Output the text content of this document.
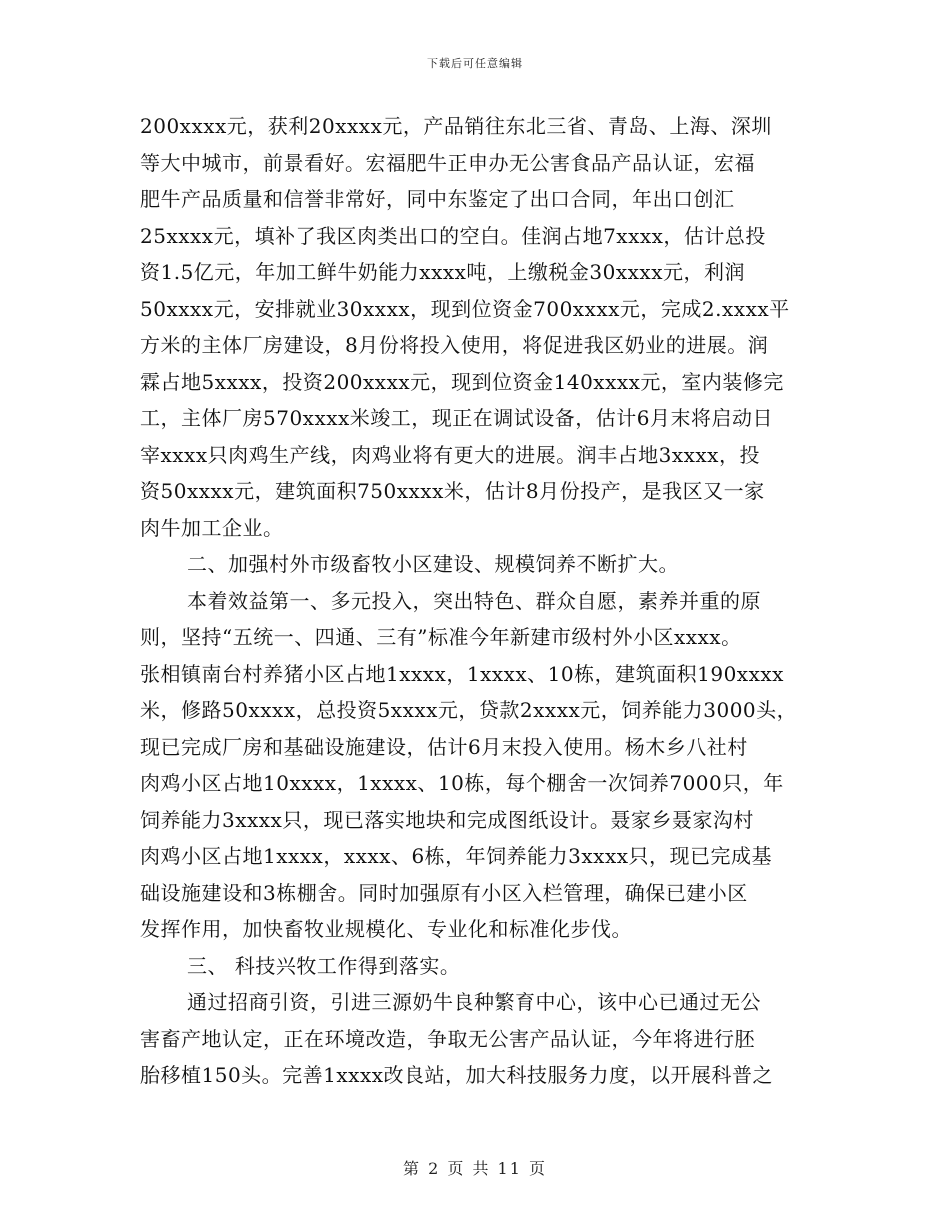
下载后可任意编辑
200xxxx元，获利20xxxx元，产品销往东北三省、青岛、上海、深圳
等大中城市，前景看好。宏福肥牛正申办无公害食品产品认证，宏福
肥牛产品质量和信誉非常好，同中东鉴定了出口合同，年出口创汇
25xxxx元，填补了我区肉类出口的空白。佳润占地7xxxx，估计总投
资1.5亿元，年加工鲜牛奶能力xxxx吨，上缴税金30xxxx元，利润
50xxxx元，安排就业30xxxx，现到位资金700xxxx元，完成2.xxxx平
方米的主体厂房建设，8月份将投入使用，将促进我区奶业的进展。润
霖占地5xxxx，投资200xxxx元，现到位资金140xxxx元，室内装修完
工，主体厂房570xxxx米竣工，现正在调试设备，估计6月末将启动日
宰xxxx只肉鸡生产线，肉鸡业将有更大的进展。润丰占地3xxxx，投
资50xxxx元，建筑面积750xxxx米，估计8月份投产，是我区又一家
肉牛加工企业。
二、加强村外市级畜牧小区建设、规模饲养不断扩大。
本着效益第一、多元投入，突出特色、群众自愿，素养并重的原
则，坚持“五统一、四通、三有”标准今年新建市级村外小区xxxx。
张相镇南台村养猪小区占地1xxxx，1xxxx、10栋，建筑面积190xxxx
米，修路50xxxx，总投资5xxxx元，贷款2xxxx元，饲养能力3000头，
现已完成厂房和基础设施建设，估计6月末投入使用。杨木乡八社村
肉鸡小区占地10xxxx，1xxxx、10栋，每个棚舍一次饲养7000只，年
饲养能力3xxxx只，现已落实地块和完成图纸设计。聂家乡聂家沟村
肉鸡小区占地1xxxx，xxxx、6栋，年饲养能力3xxxx只，现已完成基
础设施建设和3栋棚舍。同时加强原有小区入栏管理，确保已建小区
发挥作用，加快畜牧业规模化、专业化和标准化步伐。
三、 科技兴牧工作得到落实。
通过招商引资，引进三源奶牛良种繁育中心，该中心已通过无公
害畜产地认定，正在环境改造，争取无公害产品认证，今年将进行胚
胎移植150头。完善1xxxx改良站，加大科技服务力度，以开展科普之
第 2 页 共 11 页
